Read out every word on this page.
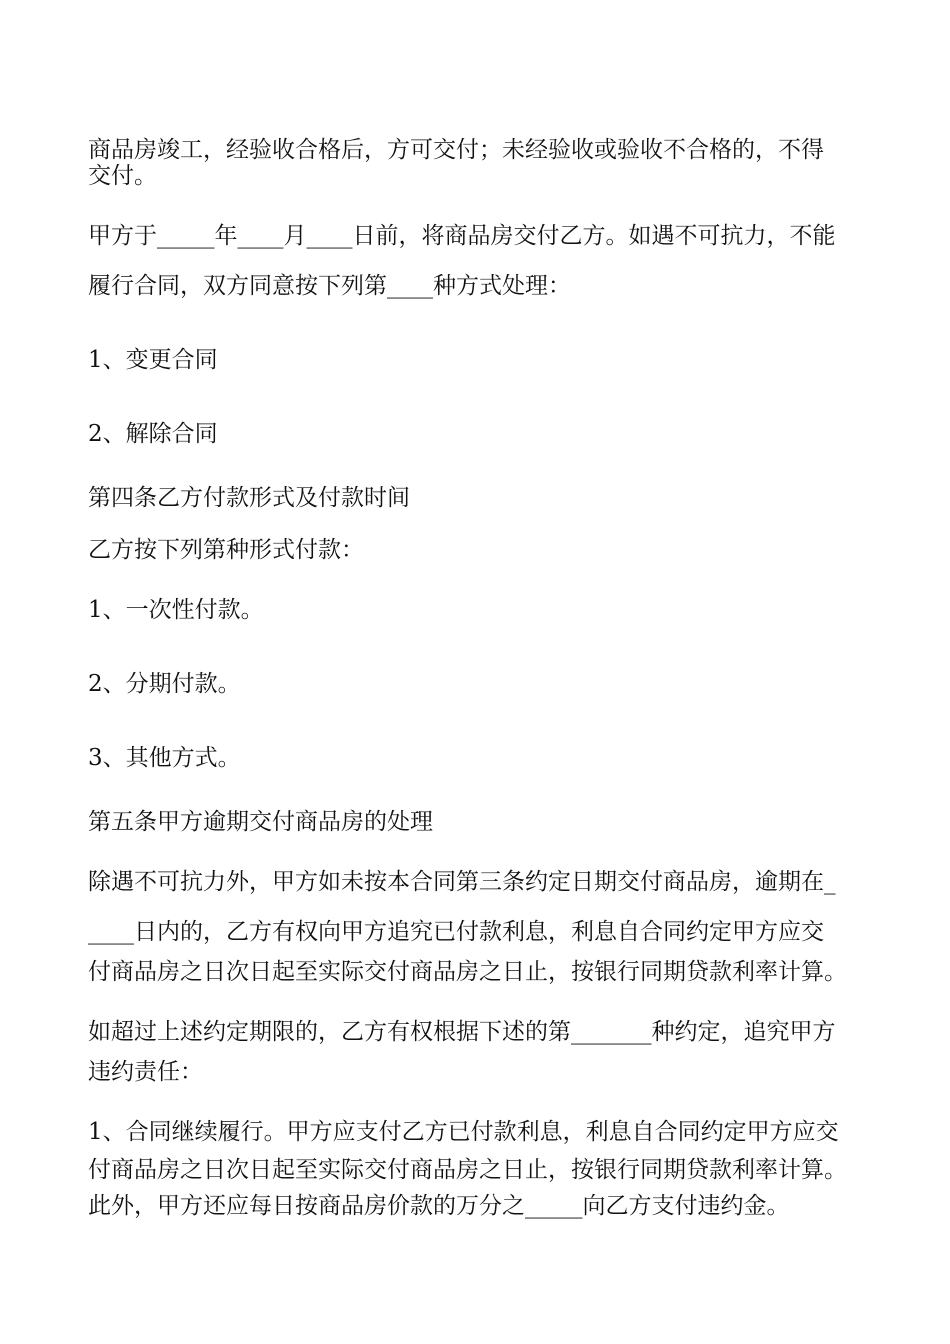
商品房竣工，经验收合格后，方可交付；未经验收或验收不合格的，不得

交付。

甲方于_____年____月____日前，将商品房交付乙方。如遇不可抗力，不能

履行合同，双方同意按下列第____种方式处理：

1、变更合同

2、解除合同

第四条乙方付款形式及付款时间

乙方按下列第种形式付款：

1、一次性付款。

2、分期付款。

3、其他方式。

第五条甲方逾期交付商品房的处理

除遇不可抗力外，甲方如未按本合同第三条约定日期交付商品房，逾期在_

____日内的，乙方有权向甲方追究已付款利息，利息自合同约定甲方应交

付商品房之日次日起至实际交付商品房之日止，按银行同期贷款利率计算。

如超过上述约定期限的，乙方有权根据下述的第_______种约定，追究甲方

违约责任：

1、合同继续履行。甲方应支付乙方已付款利息，利息自合同约定甲方应交

付商品房之日次日起至实际交付商品房之日止，按银行同期贷款利率计算。

此外，甲方还应每日按商品房价款的万分之_____向乙方支付违约金。
